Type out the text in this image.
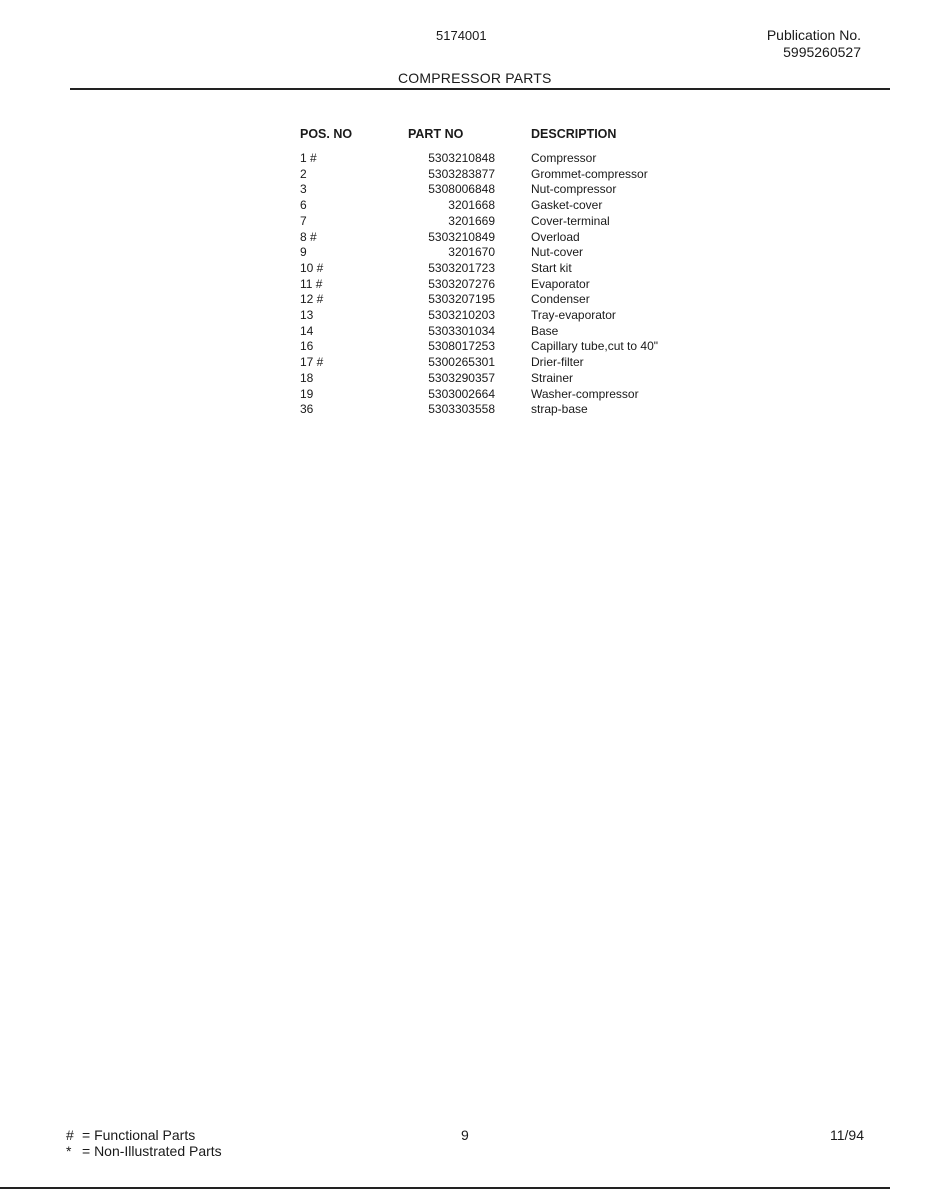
5174001	Publication No.
5995260527
COMPRESSOR PARTS
POS. NO	PART NO	DESCRIPTION
1 #	5303210848	Compressor
2	5303283877	Grommet-compressor
3	5308006848	Nut-compressor
6	3201668	Gasket-cover
7	3201669	Cover-terminal
8 #	5303210849	Overload
9	3201670	Nut-cover
10 #	5303201723	Start kit
11 #	5303207276	Evaporator
12 #	5303207195	Condenser
13	5303210203	Tray-evaporator
14	5303301034	Base
16	5308017253	Capillary tube,cut to 40"
17 #	5300265301	Drier-filter
18	5303290357	Strainer
19	5303002664	Washer-compressor
36	5303303558	strap-base
# = Functional Parts
* = Non-Illustrated Parts
9	11/94
